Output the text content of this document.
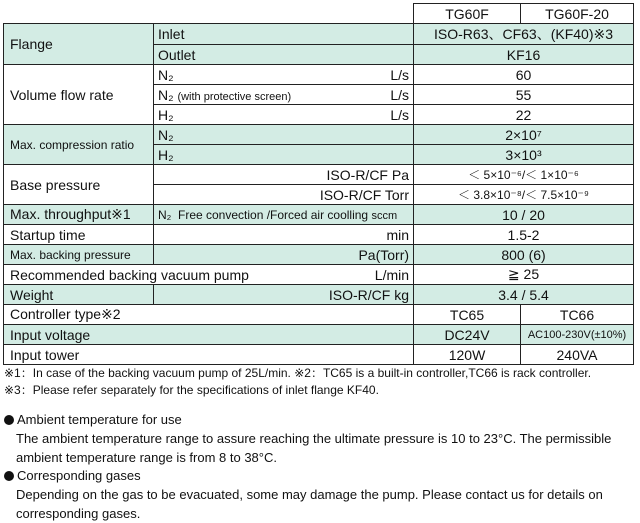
		TG60F	TG60F-20
Flange	Inlet	ISO-R63、CF63、(KF40)※3	
	Outlet	KF16	
Volume flow rate	N₂ L/s	60	
	N₂ (with protective screen) L/s	55	
	H₂ L/s	22	
Max. compression ratio	N₂	2×10⁷	
	H₂	3×10³	
Base pressure	ISO-R/CF Pa	＜ 5×10⁻⁶/＜ 1×10⁻⁶	
	ISO-R/CF Torr	＜ 3.8×10⁻⁸/＜ 7.5×10⁻⁹	
Max. throughput※1	N₂ Free convection /Forced air coolling sccm	10 / 20	
Startup time	min	1.5-2	
Max. backing pressure	Pa(Torr)	800 (6)	

Recommended backing vacuum pump L/min		≧ 25	
Weight	ISO-R/CF kg	3.4 / 5.4	
Controller type※2		TC65	TC66
Input voltage		DC24V	AC100-230V(±10%)
Input tower		120W	240VA
※1：In case of the backing vacuum pump of 25L/min. ※2：TC65 is a built-in controller,TC66 is rack controller.
※3：Please refer separately for the specifications of inlet flange KF40.
Ambient temperature for use
The ambient temperature range to assure reaching the ultimate pressure is 10 to 23°C. The permissible
ambient temperature range is from 8 to 38°C.
Corresponding gases
Depending on the gas to be evacuated, some may damage the pump. Please contact us for details on
corresponding gases.
